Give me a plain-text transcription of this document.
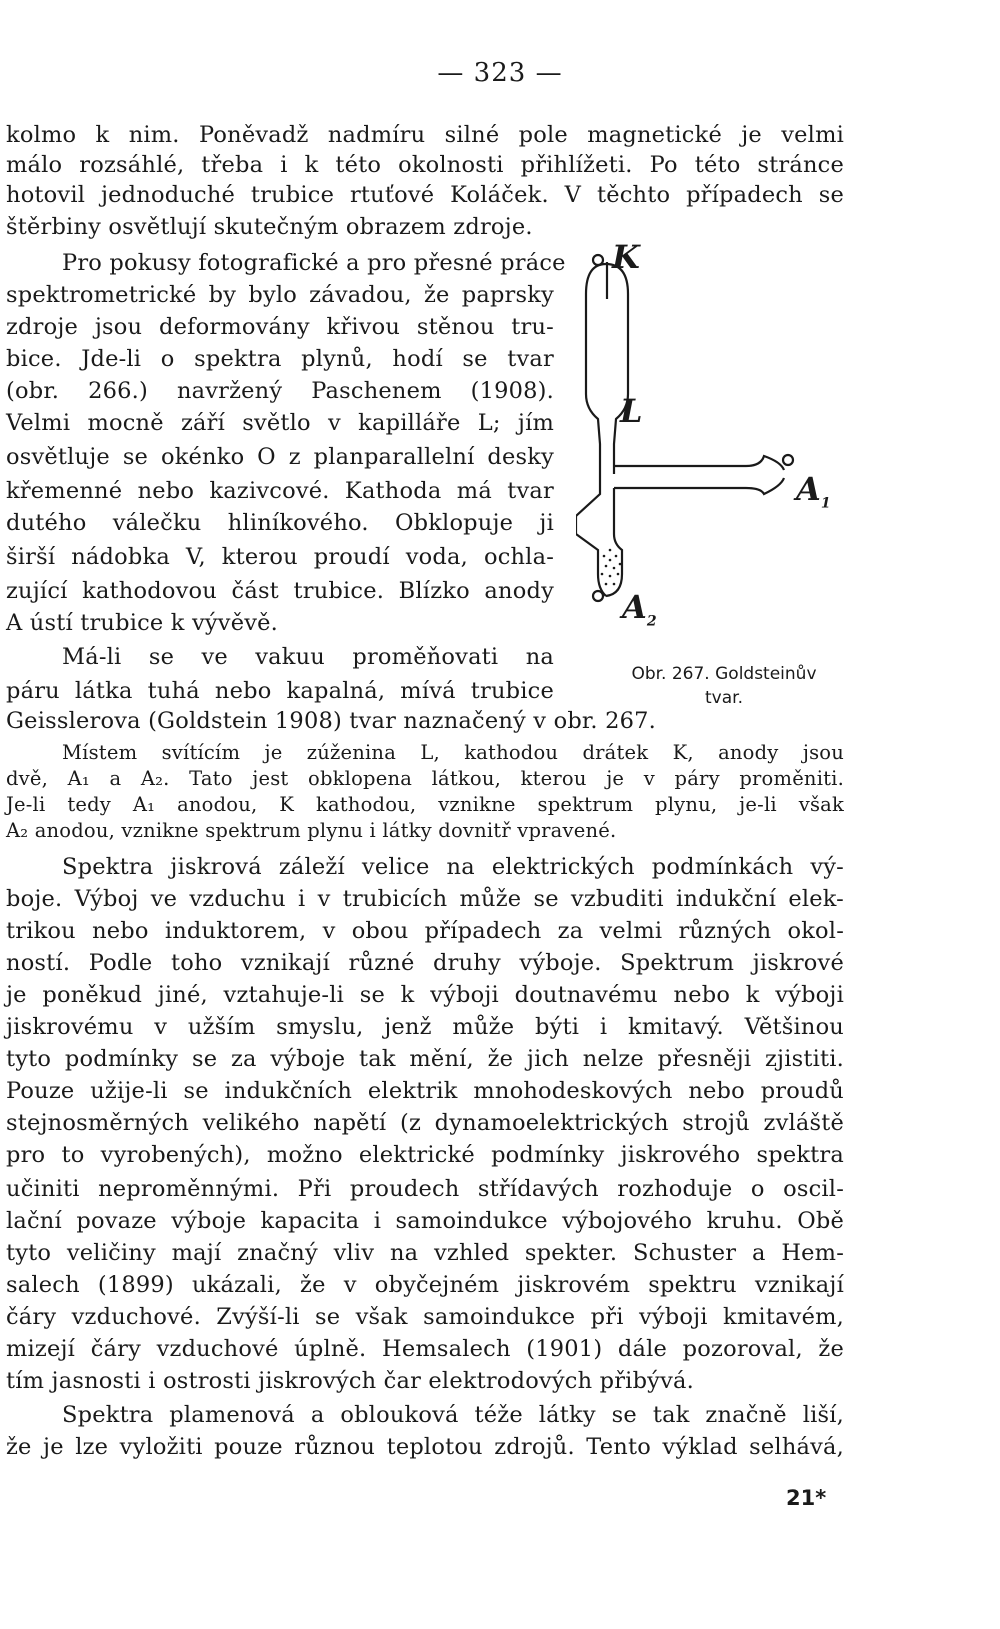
— 323 —
kolmo k nim. Poněvadž nadmíru silné pole magnetické je velmi
málo rozsáhlé, třeba i k této okolnosti přihlížeti. Po této stránce
hotovil jednoduché trubice rtuťové Koláček. V těchto případech se
štěrbiny osvětlují skutečným obrazem zdroje.
Pro pokusy fotografické a pro přesné práce
spektrometrické by bylo závadou, že paprsky
zdroje jsou deformovány křivou stěnou tru-
bice. Jde-li o spektra plynů, hodí se tvar
(obr. 266.) navržený Paschenem (1908).
Velmi mocně září světlo v kapilláře L; jím
osvětluje se okénko O z planparallelní desky
křemenné nebo kazivcové. Kathoda má tvar
dutého válečku hliníkového. Obklopuje ji
širší nádobka V, kterou proudí voda, ochla-
zující kathodovou část trubice. Blízko anody
A ústí trubice k vývěvě.
Má-li se ve vakuu proměňovati na
páru látka tuhá nebo kapalná, mívá trubice
K
L
$A_1$
$A_2$
Obr. 267. Goldsteinův
tvar.
Geisslerova (Goldstein 1908) tvar naznačený v obr. 267.
Místem svítícím je zúženina L, kathodou drátek K, anody jsou
dvě, A₁ a A₂. Tato jest obklopena látkou, kterou je v páry proměniti.
Je-li tedy A₁ anodou, K kathodou, vznikne spektrum plynu, je-li však
A₂ anodou, vznikne spektrum plynu i látky dovnitř vpravené.
Spektra jiskrová záleží velice na elektrických podmínkách vý-
boje. Výboj ve vzduchu i v trubicích může se vzbuditi indukční elek-
trikou nebo induktorem, v obou případech za velmi různých okol-
ností. Podle toho vznikají různé druhy výboje. Spektrum jiskrové
je poněkud jiné, vztahuje-li se k výboji doutnavému nebo k výboji
jiskrovému v užším smyslu, jenž může býti i kmitavý. Většinou
tyto podmínky se za výboje tak mění, že jich nelze přesněji zjistiti.
Pouze užije-li se indukčních elektrik mnohodeskových nebo proudů
stejnosměrných velikého napětí (z dynamoelektrických strojů zvláště
pro to vyrobených), možno elektrické podmínky jiskrového spektra
učiniti neproměnnými. Při proudech střídavých rozhoduje o oscil-
lační povaze výboje kapacita i samoindukce výbojového kruhu. Obě
tyto veličiny mají značný vliv na vzhled spekter. Schuster a Hem-
salech (1899) ukázali, že v obyčejném jiskrovém spektru vznikají
čáry vzduchové. Zvýší-li se však samoindukce při výboji kmitavém,
mizejí čáry vzduchové úplně. Hemsalech (1901) dále pozoroval, že
tím jasnosti i ostrosti jiskrových čar elektrodových přibývá.
Spektra plamenová a oblouková téže látky se tak značně liší,
že je lze vyložiti pouze různou teplotou zdrojů. Tento výklad selhává,
21*
